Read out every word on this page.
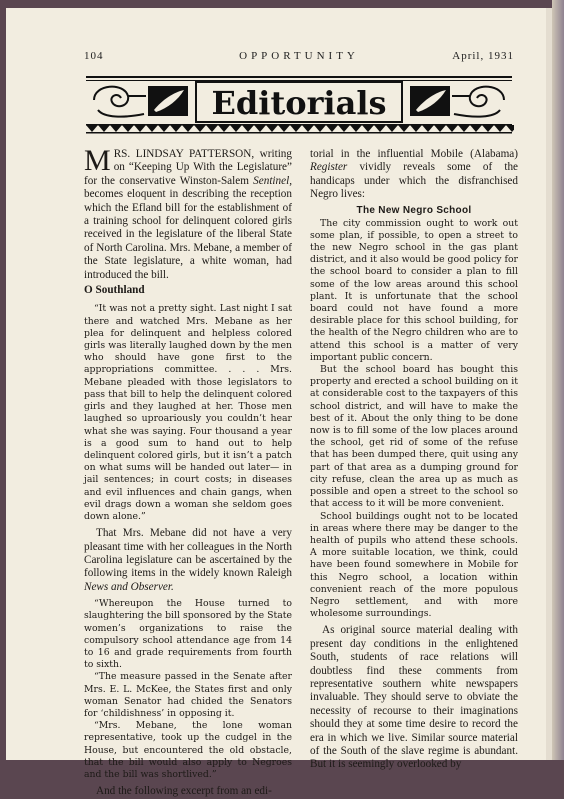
104	OPPORTUNITY	April, 1931
Editorials

MRS. LINDSAY PATTERSON, writing on “Keeping Up With the Legislature” for the conservative Winston-Salem Sentinel, becomes eloquent in describing the reception which the Efland bill for the establishment of a training school for delinquent colored girls received in the legislature of the liberal State of North Carolina. Mrs. Mebane, a member of the State legislature, a white woman, had introduced the bill.

O Southland

“It was not a pretty sight. Last night I sat there and watched Mrs. Mebane as her plea for delinquent and helpless colored girls was literally laughed down by the men who should have gone first to the appropriations committee. . . . Mrs. Mebane pleaded with those legislators to pass that bill to help the delinquent colored girls and they laughed at her. Those men laughed so uproariously you couldn’t hear what she was saying. Four thousand a year is a good sum to hand out to help delinquent colored girls, but it isn’t a patch on what sums will be handed out later— in jail sentences; in court costs; in diseases and evil influences and chain gangs, when evil drags down a woman she seldom goes down alone.”

That Mrs. Mebane did not have a very pleasant time with her colleagues in the North Carolina legislature can be ascertained by the following items in the widely known Raleigh News and Observer.

“Whereupon the House turned to slaughtering the bill sponsored by the State women’s organizations to raise the compulsory school attendance age from 14 to 16 and grade requirements from fourth to sixth.

“The measure passed in the Senate after Mrs. E. L. McKee, the States first and only woman Senator had chided the Senators for ‘childishness’ in opposing it.

“Mrs. Mebane, the lone woman representative, took up the cudgel in the House, but encountered the old obstacle, that the bill would also apply to Negroes and the bill was shortlived.”

And the following excerpt from an edi-

torial in the influential Mobile (Alabama) Register vividly reveals some of the handicaps under which the disfranchised Negro lives:

The New Negro School

The city commission ought to work out some plan, if possible, to open a street to the new Negro school in the gas plant district, and it also would be good policy for the school board to consider a plan to fill some of the low areas around this school plant. It is unfortunate that the school board could not have found a more desirable place for this school building, for the health of the Negro children who are to attend this school is a matter of very important public concern.

But the school board has bought this property and erected a school building on it at considerable cost to the taxpayers of this school district, and will have to make the best of it. About the only thing to be done now is to fill some of the low places around the school, get rid of some of the refuse that has been dumped there, quit using any part of that area as a dumping ground for city refuse, clean the area up as much as possible and open a street to the school so that access to it will be more convenient.

School buildings ought not to be located in areas where there may be danger to the health of pupils who attend these schools. A more suitable location, we think, could have been found somewhere in Mobile for this Negro school, a location within convenient reach of the more populous Negro settlement, and with more wholesome surroundings.

As original source material dealing with present day conditions in the enlightened South, students of race relations will doubtless find these comments from representative southern white newspapers invaluable. They should serve to obviate the necessity of recourse to their imaginations should they at some time desire to record the era in which we live. Similar source material of the South of the slave regime is abundant. But it is seemingly overlooked by
